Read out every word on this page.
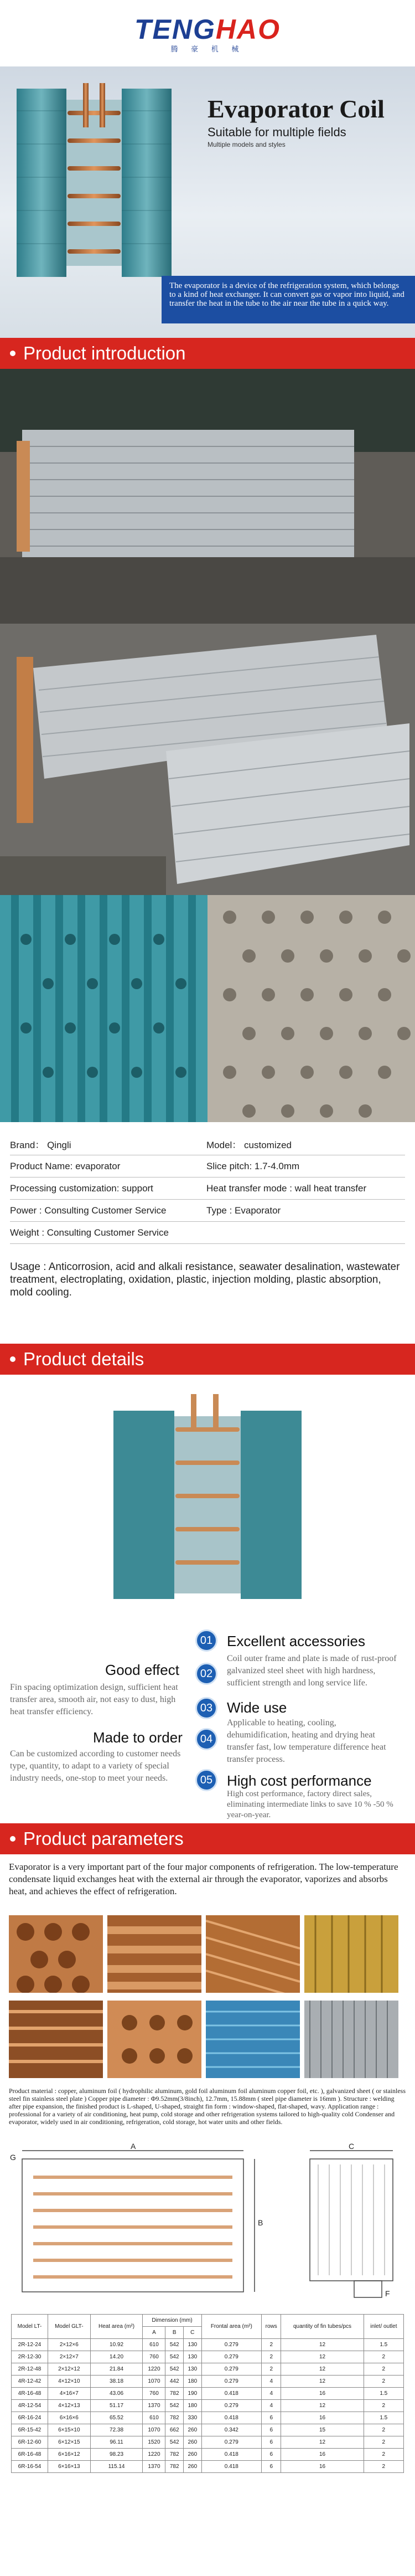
TENGHAO
腾 豪 机 械
Evaporator Coil
Suitable for multiple fields
Multiple models and styles
The evaporator is a device of the refrigeration system, which belongs to a kind of heat exchanger. It can convert gas or vapor into liquid, and transfer the heat in the tube to the air near the tube in a quick way.
Product introduction
Brand： Qingli	Model： customized
Product Name: evaporator	Slice pitch: 1.7-4.0mm
Processing customization: support	Heat transfer mode : wall heat transfer
Power : Consulting Customer Service	Type : Evaporator
Weight : Consulting Customer Service
Usage : Anticorrosion, acid and alkali resistance, seawater desalination, wastewater treatment, electroplating, oxidation, plastic, injection molding, plastic absorption, mold cooling.
Product details
01 Excellent accessories
Coil outer frame and plate is made of rust-proof galvanized steel sheet with high hardness, sufficient strength and long service life.
02
Good effect
Fin spacing optimization design, sufficient heat transfer area, smooth air, not easy to dust, high heat transfer efficiency.	03 Wide use
Applicable to heating, cooling, dehumidification, heating and drying heat transfer fast, low temperature difference heat transfer process.
04
Made to order
Can be customized according to customer needs type, quantity, to adapt to a variety of special industry needs, one-stop to meet your needs.	05 High cost performance
High cost performance, factory direct sales, eliminating intermediate links to save 10 % -50 % year-on-year.
Product parameters
Evaporator is a very important part of the four major components of refrigeration. The low-temperature condensate liquid exchanges heat with the external air through the evaporator, vaporizes and absorbs heat, and achieves the effect of refrigeration.
Product material : copper, aluminum foil ( hydrophilic aluminum, gold foil aluminum foil aluminum copper foil, etc. ), galvanized sheet ( or stainless steel fin stainless steel plate ) Copper pipe diameter : Φ9.52mm(3/8inch), 12.7mm, 15.88mm ( steel pipe diameter is 16mm ). Structure : welding after pipe expansion, the finished product is L-shaped, U-shaped, straight fin form : window-shaped, flat-shaped, wavy. Application range : professional for a variety of air conditioning, heat pump, cold storage and other refrigeration systems tailored to high-quality cold Condenser and evaporator, widely used in air conditioning, refrigeration, cold storage, hot water units and other fields.
G
A
B
C
F
Model LT-	Model GLT-	Heat area (m²)	Dimension (mm)			Frontal area (m²)	rows	quantity of fin tubes/pcs	inlet/ outlet
			A	B	C				
2R-12-24	2×12×6	10.92	610	542	130	0.279	2	12	1.5
2R-12-30	2×12×7	14.20	760	542	130	0.279	2	12	2
2R-12-48	2×12×12	21.84	1220	542	130	0.279	2	12	2
4R-12-42	4×12×10	38.18	1070	442	180	0.279	4	12	2
4R-16-48	4×16×7	43.06	760	782	190	0.418	4	16	1.5
4R-12-54	4×12×13	51.17	1370	542	180	0.279	4	12	2
6R-16-24	6×16×6	65.52	610	782	330	0.418	6	16	1.5
6R-15-42	6×15×10	72.38	1070	662	260	0.342	6	15	2
6R-12-60	6×12×15	96.11	1520	542	260	0.279	6	12	2
6R-16-48	6×16×12	98.23	1220	782	260	0.418	6	16	2
6R-16-54	6×16×13	115.14	1370	782	260	0.418	6	16	2
